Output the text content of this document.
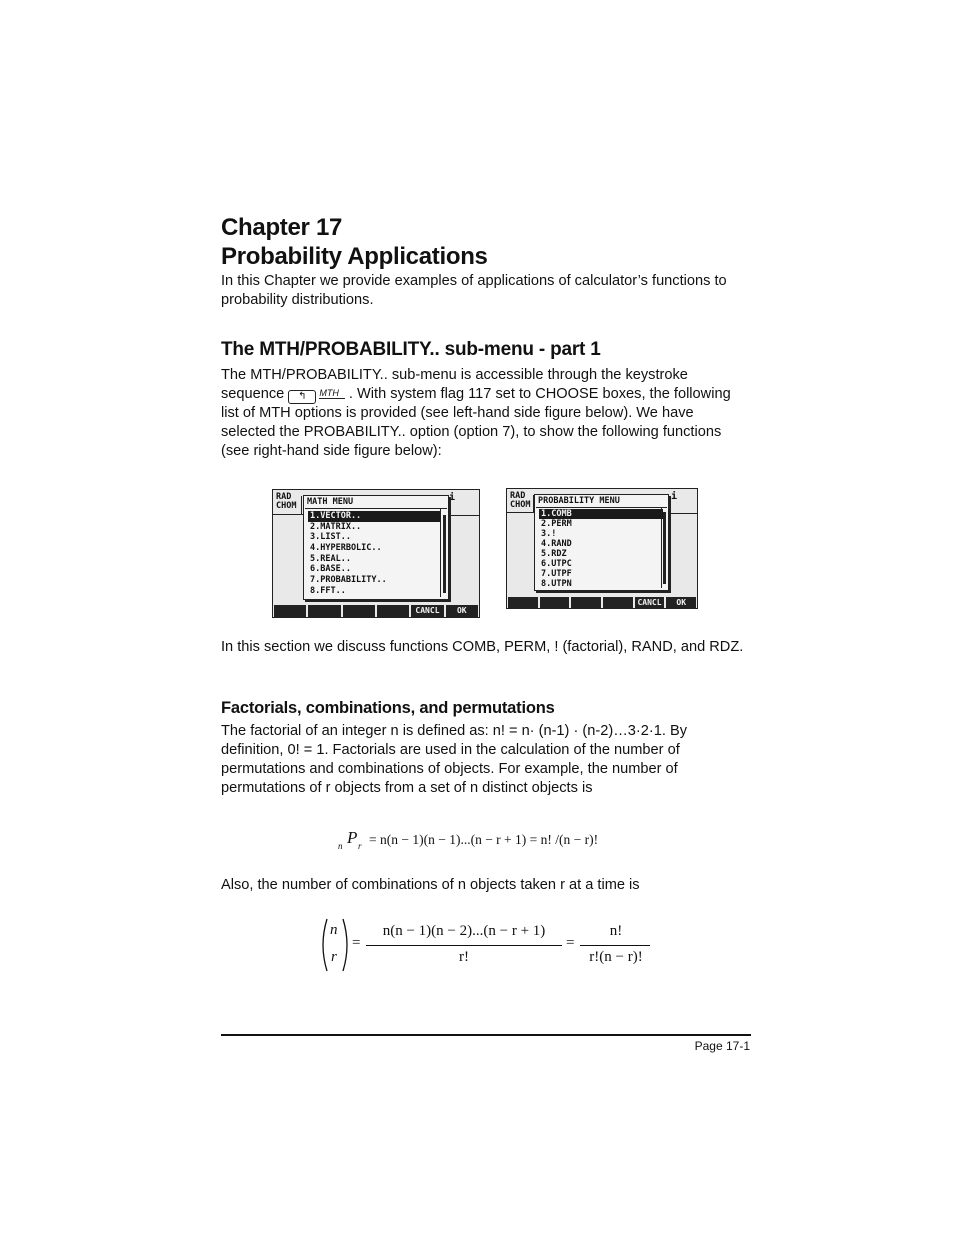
Chapter 17
Probability Applications

In this Chapter we provide examples of applications of calculator’s functions to probability distributions.

The MTH/PROBABILITY.. sub-menu - part 1

The MTH/PROBABILITY.. sub-menu is accessible through the keystroke sequence ↰ MTH . With system flag 117 set to CHOOSE boxes, the following list of MTH options is provided (see left-hand side figure below). We have selected the PROBABILITY.. option (option 7), to show the following functions (see right-hand side figure below):

RAD
CHOM
i
MATH MENU
1.VECTOR..
2.MATRIX..
3.LIST..
4.HYPERBOLIC..
5.REAL..
6.BASE..
7.PROBABILITY..
8.FFT..
CANCL	OK
RAD
CHOM
i
PROBABILITY MENU
1.COMB
2.PERM
3.!
4.RAND
5.RDZ
6.UTPC
7.UTPF
8.UTPN
CANCL	OK

In this section we discuss functions COMB, PERM, ! (factorial), RAND, and RDZ.

Factorials, combinations, and permutations

The factorial of an integer n is defined as: n! = n· (n-1) · (n-2)…3·2·1. By definition, 0! = 1. Factorials are used in the calculation of the number of permutations and combinations of objects. For example, the number of permutations of r objects from a set of n distinct objects is

n P r = n(n − 1)(n − 1)...(n − r + 1) = n! /(n − r)!

Also, the number of combinations of n objects taken r at a time is

n
r
=
n(n − 1)(n − 2)...(n − r + 1)
r!
=
n!
r!(n − r)!
Page 17-1
